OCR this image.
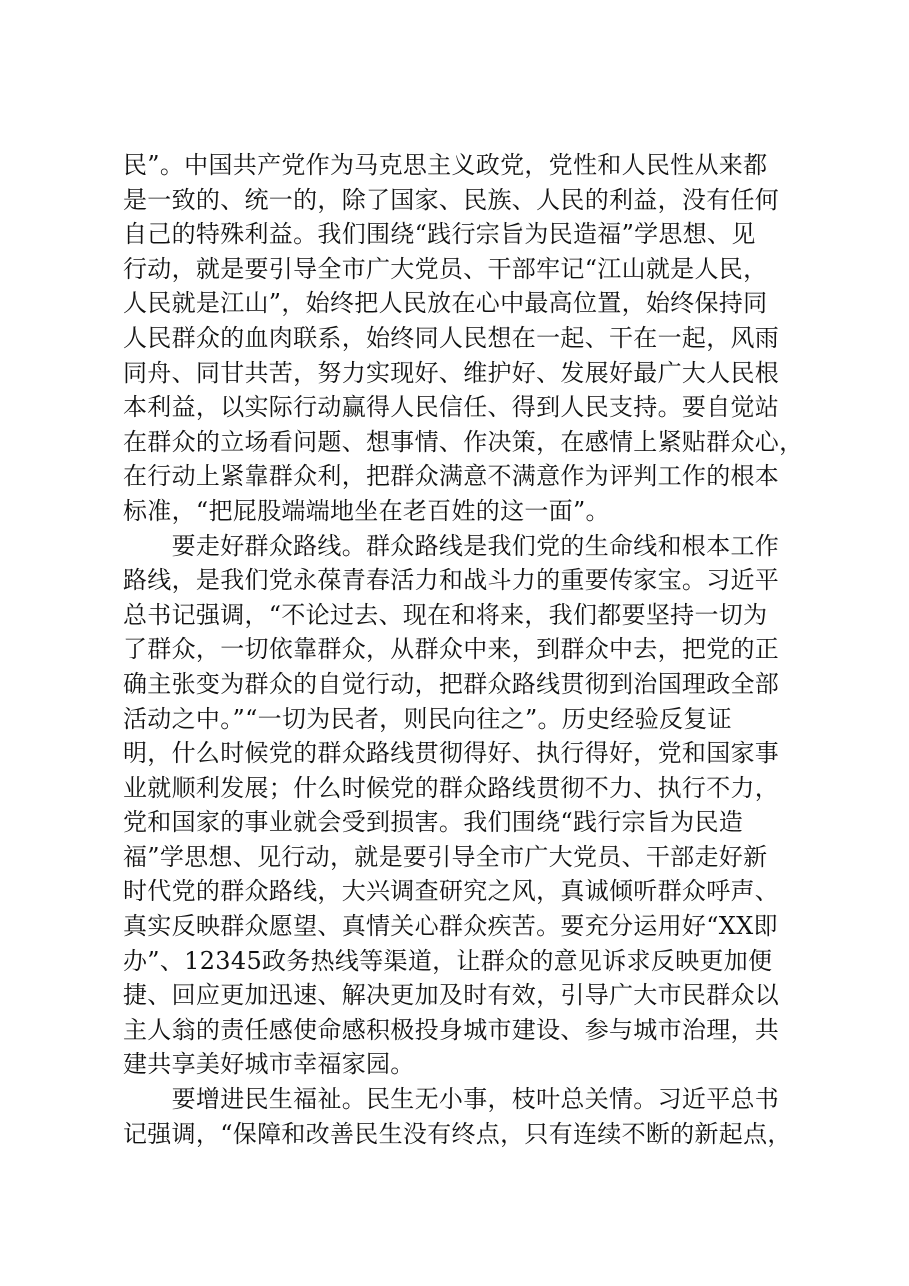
民”。中国共产党作为马克思主义政党，党性和人民性从来都
是一致的、统一的，除了国家、民族、人民的利益，没有任何
自己的特殊利益。我们围绕“践行宗旨为民造福”学思想、见
行动，就是要引导全市广大党员、干部牢记“江山就是人民，
人民就是江山”，始终把人民放在心中最高位置，始终保持同
人民群众的血肉联系，始终同人民想在一起、干在一起，风雨
同舟、同甘共苦，努力实现好、维护好、发展好最广大人民根
本利益，以实际行动赢得人民信任、得到人民支持。要自觉站
在群众的立场看问题、想事情、作决策，在感情上紧贴群众心，
在行动上紧靠群众利，把群众满意不满意作为评判工作的根本
标准，“把屁股端端地坐在老百姓的这一面”。
　　要走好群众路线。群众路线是我们党的生命线和根本工作
路线，是我们党永葆青春活力和战斗力的重要传家宝。习近平
总书记强调，“不论过去、现在和将来，我们都要坚持一切为
了群众，一切依靠群众，从群众中来，到群众中去，把党的正
确主张变为群众的自觉行动，把群众路线贯彻到治国理政全部
活动之中。”“一切为民者，则民向往之”。历史经验反复证
明，什么时候党的群众路线贯彻得好、执行得好，党和国家事
业就顺利发展；什么时候党的群众路线贯彻不力、执行不力，
党和国家的事业就会受到损害。我们围绕“践行宗旨为民造
福”学思想、见行动，就是要引导全市广大党员、干部走好新
时代党的群众路线，大兴调查研究之风，真诚倾听群众呼声、
真实反映群众愿望、真情关心群众疾苦。要充分运用好“XX即
办”、12345政务热线等渠道，让群众的意见诉求反映更加便
捷、回应更加迅速、解决更加及时有效，引导广大市民群众以
主人翁的责任感使命感积极投身城市建设、参与城市治理，共
建共享美好城市幸福家园。
　　要增进民生福祉。民生无小事，枝叶总关情。习近平总书
记强调，“保障和改善民生没有终点，只有连续不断的新起点，
